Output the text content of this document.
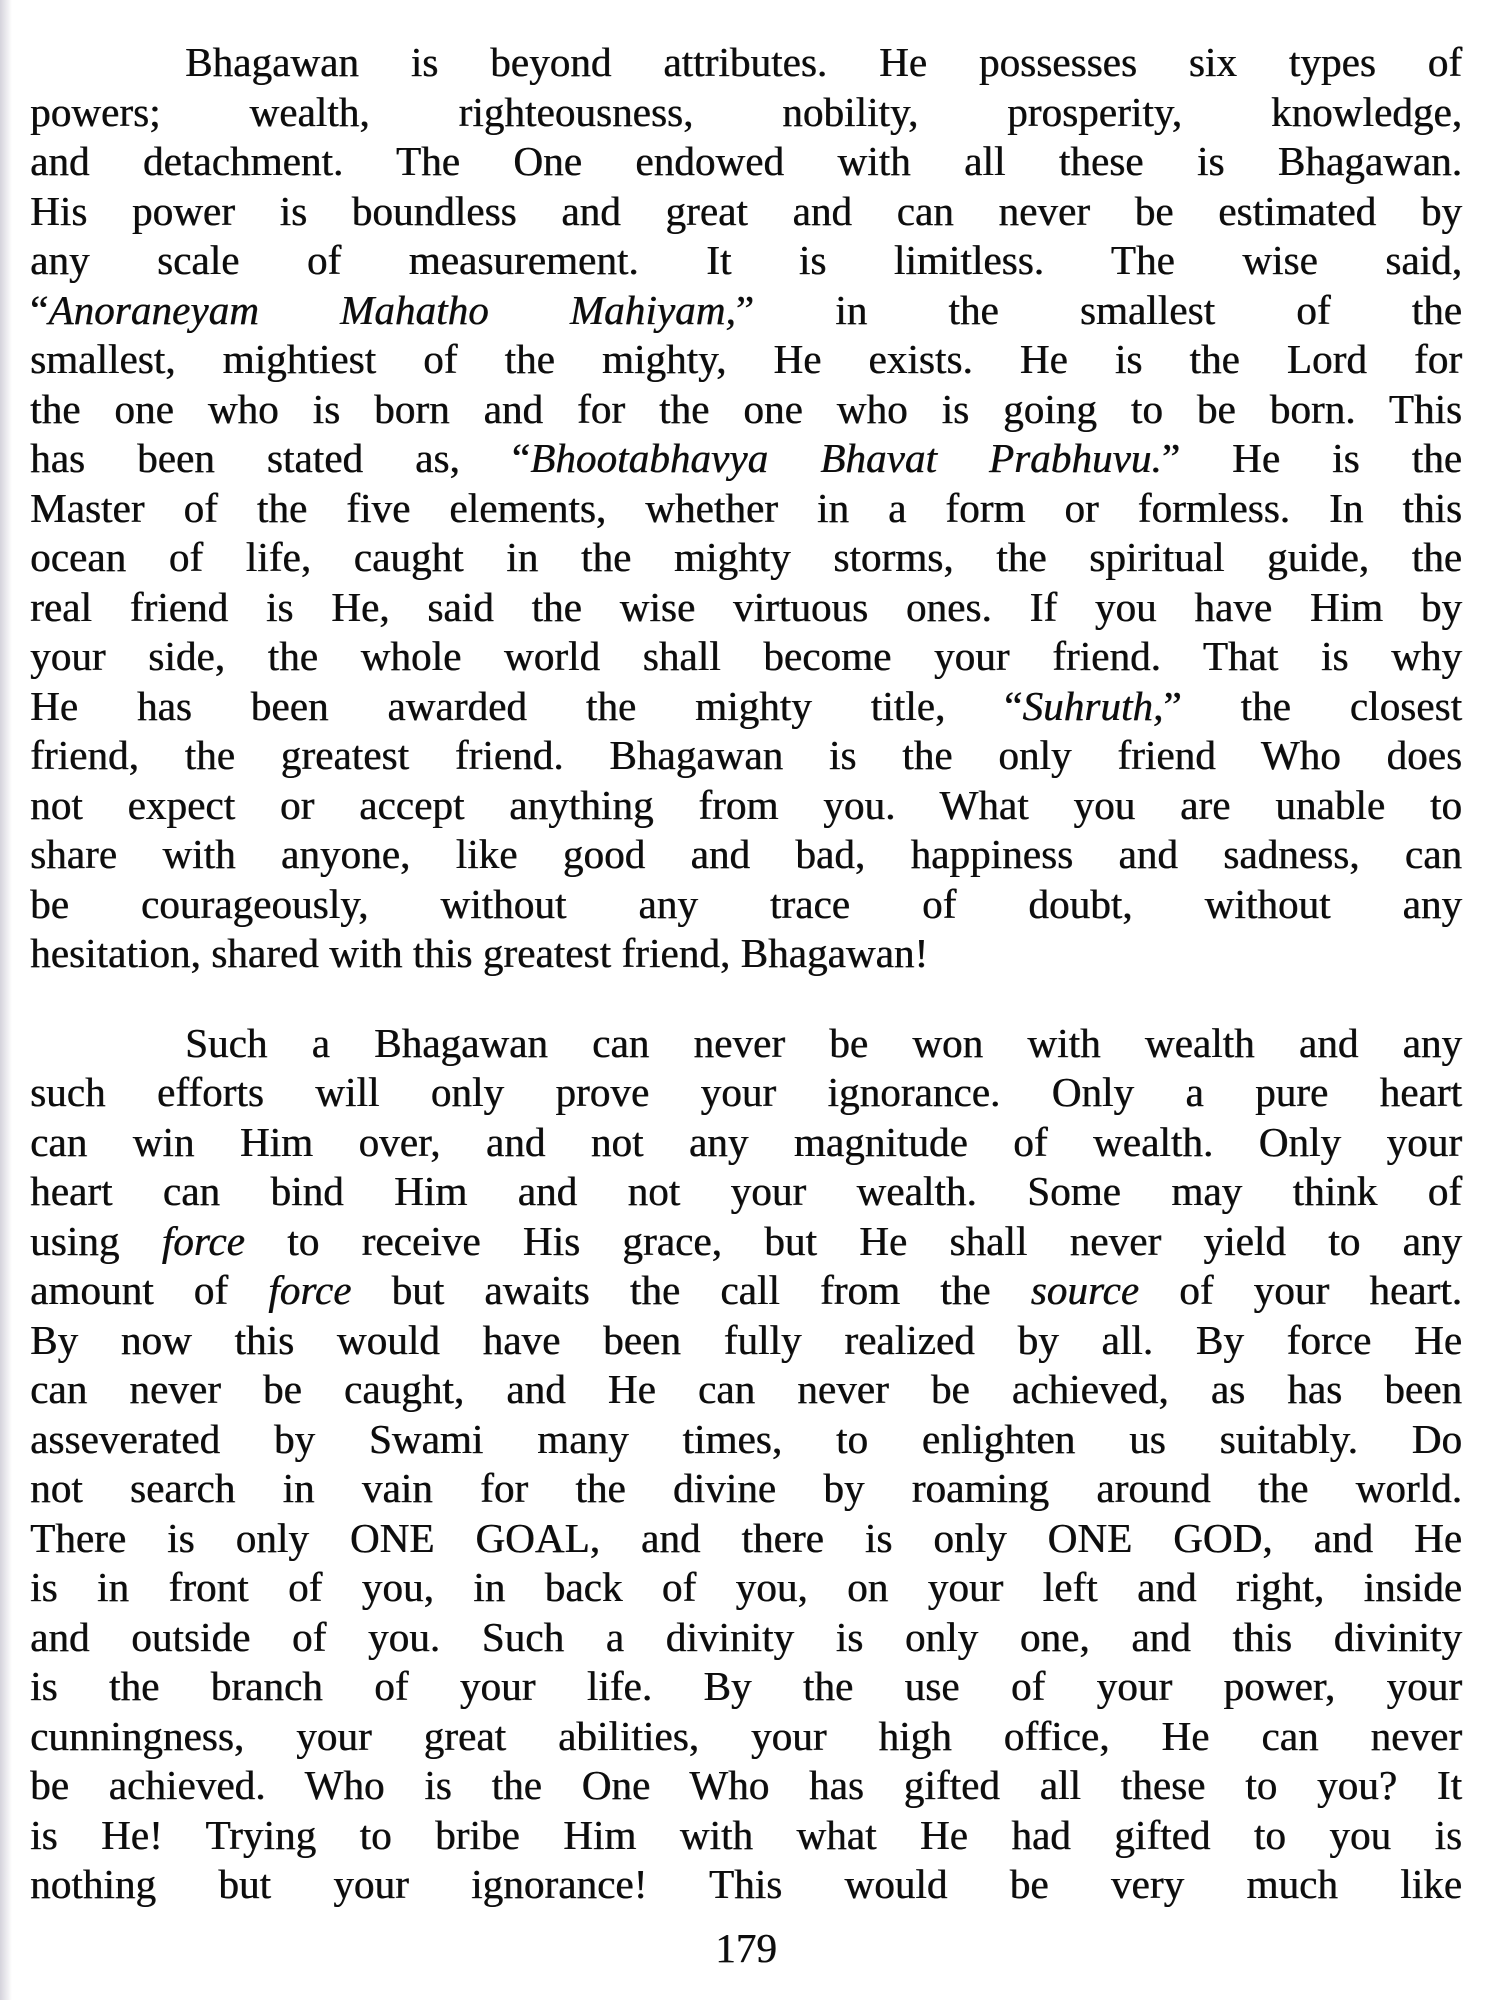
Bhagawan is beyond attributes. He possesses six types of
powers; wealth, righteousness, nobility, prosperity, knowledge,
and detachment. The One endowed with all these is Bhagawan.
His power is boundless and great and can never be estimated by
any scale of measurement. It is limitless. The wise said,
“Anoraneyam Mahatho Mahiyam,” in the smallest of the
smallest, mightiest of the mighty, He exists. He is the Lord for
the one who is born and for the one who is going to be born. This
has been stated as, “Bhootabhavya Bhavat Prabhuvu.” He is the
Master of the five elements, whether in a form or formless. In this
ocean of life, caught in the mighty storms, the spiritual guide, the
real friend is He, said the wise virtuous ones. If you have Him by
your side, the whole world shall become your friend. That is why
He has been awarded the mighty title, “Suhruth,” the closest
friend, the greatest friend. Bhagawan is the only friend Who does
not expect or accept anything from you. What you are unable to
share with anyone, like good and bad, happiness and sadness, can
be courageously, without any trace of doubt, without any
hesitation, shared with this greatest friend, Bhagawan!
Such a Bhagawan can never be won with wealth and any
such efforts will only prove your ignorance. Only a pure heart
can win Him over, and not any magnitude of wealth. Only your
heart can bind Him and not your wealth. Some may think of
using force to receive His grace, but He shall never yield to any
amount of force but awaits the call from the source of your heart.
By now this would have been fully realized by all. By force He
can never be caught, and He can never be achieved, as has been
asseverated by Swami many times, to enlighten us suitably. Do
not search in vain for the divine by roaming around the world.
There is only ONE GOAL, and there is only ONE GOD, and He
is in front of you, in back of you, on your left and right, inside
and outside of you. Such a divinity is only one, and this divinity
is the branch of your life. By the use of your power, your
cunningness, your great abilities, your high office, He can never
be achieved. Who is the One Who has gifted all these to you? It
is He! Trying to bribe Him with what He had gifted to you is
nothing but your ignorance! This would be very much like
179
